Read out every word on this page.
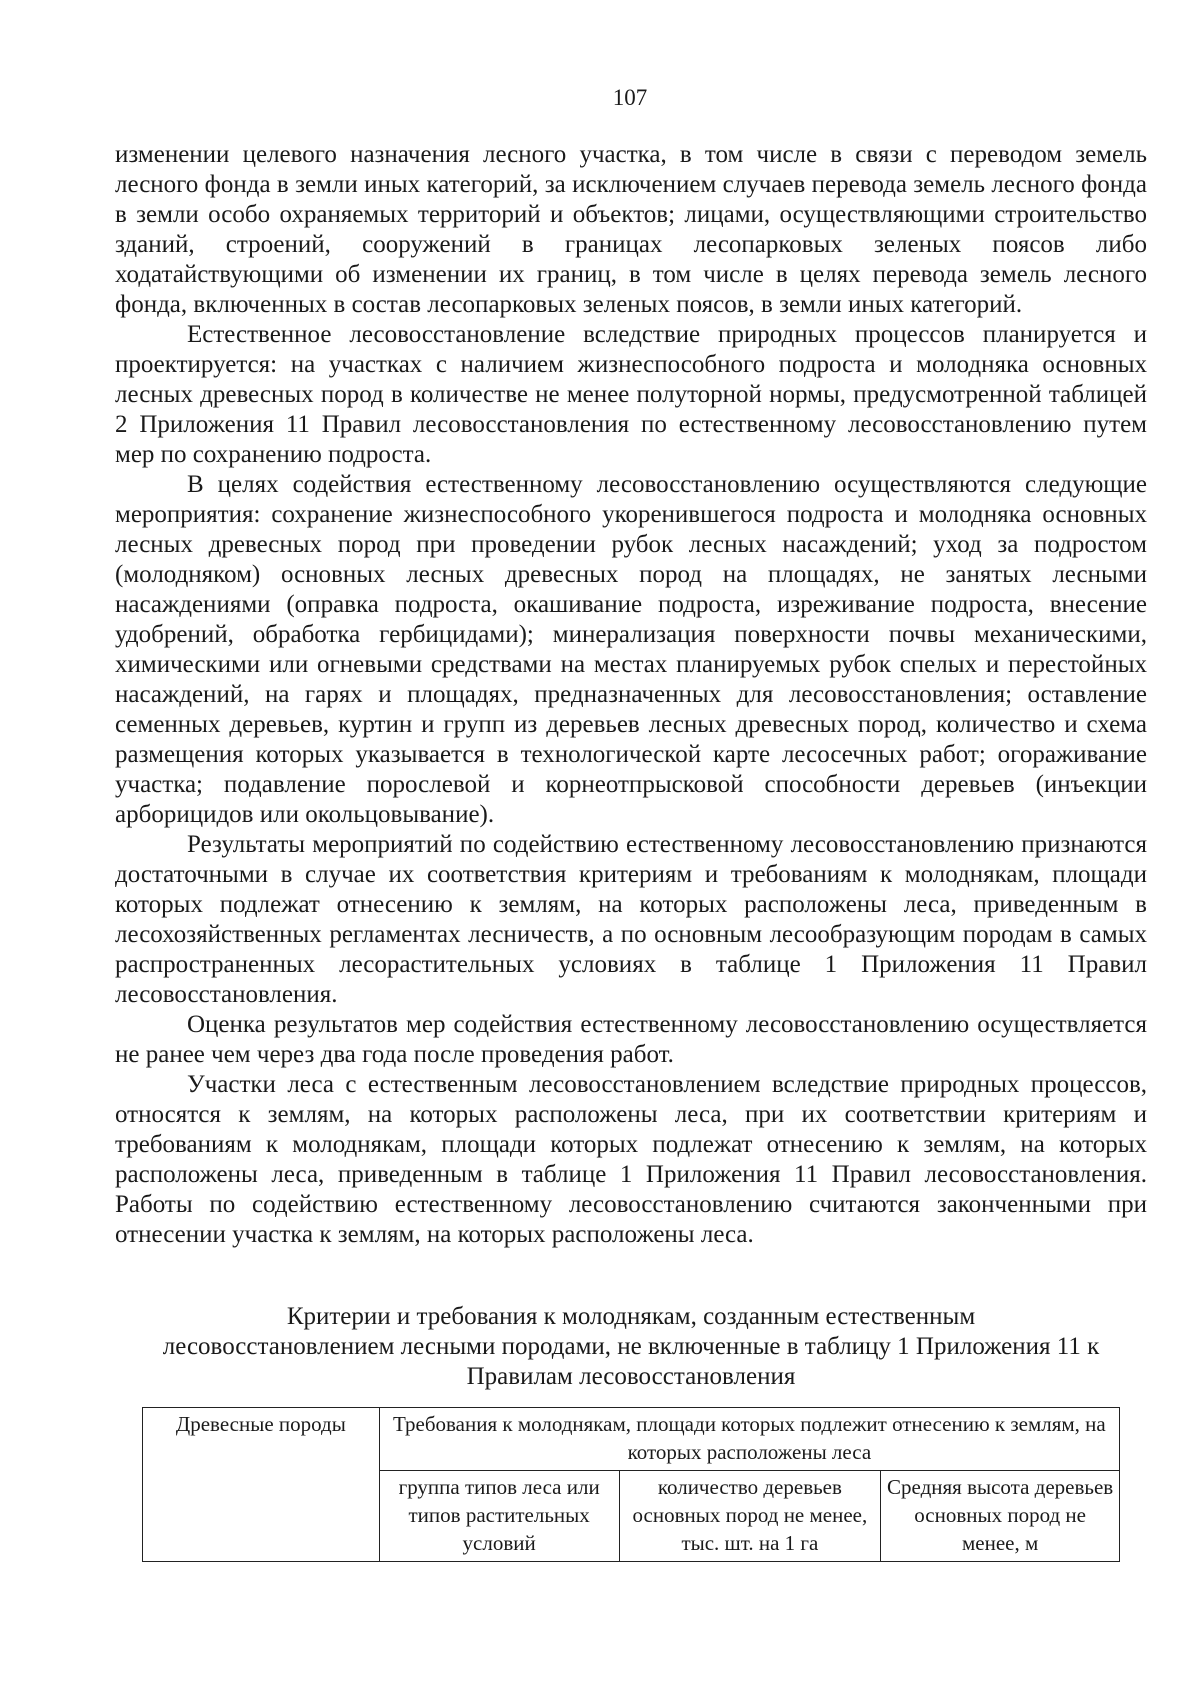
107

изменении целевого назначения лесного участка, в том числе в связи с переводом земель лесного фонда в земли иных категорий, за исключением случаев перевода земель лесного фонда в земли особо охраняемых территорий и объектов; лицами, осуществляющими строительство зданий, строений, сооружений в границах лесопарковых зеленых поясов либо ходатайствующими об изменении их границ, в том числе в целях перевода земель лесного фонда, включенных в состав лесопарковых зеленых поясов, в земли иных категорий.

Естественное лесовосстановление вследствие природных процессов планируется и проектируется: на участках с наличием жизнеспособного подроста и молодняка основных лесных древесных пород в количестве не менее полуторной нормы, предусмотренной таблицей 2 Приложения 11 Правил лесовосстановления по естественному лесовосстановлению путем мер по сохранению подроста.

В целях содействия естественному лесовосстановлению осуществляются следующие мероприятия: сохранение жизнеспособного укоренившегося подроста и молодняка основных лесных древесных пород при проведении рубок лесных насаждений; уход за подростом (молодняком) основных лесных древесных пород на площадях, не занятых лесными насаждениями (оправка подроста, окашивание подроста, изреживание подроста, внесение удобрений, обработка гербицидами); минерализация поверхности почвы механическими, химическими или огневыми средствами на местах планируемых рубок спелых и перестойных насаждений, на гарях и площадях, предназначенных для лесовосстановления; оставление семенных деревьев, куртин и групп из деревьев лесных древесных пород, количество и схема размещения которых указывается в технологической карте лесосечных работ; огораживание участка; подавление порослевой и корнеотпрысковой способности деревьев (инъекции арборицидов или окольцовывание).

Результаты мероприятий по содействию естественному лесовосстановлению признаются достаточными в случае их соответствия критериям и требованиям к молоднякам, площади которых подлежат отнесению к землям, на которых расположены леса, приведенным в лесохозяйственных регламентах лесничеств, а по основным лесообразующим породам в самых распространенных лесорастительных условиях в таблице 1 Приложения 11 Правил лесовосстановления.

Оценка результатов мер содействия естественному лесовосстановлению осуществляется не ранее чем через два года после проведения работ.

Участки леса с естественным лесовосстановлением вследствие природных процессов, относятся к землям, на которых расположены леса, при их соответствии критериям и требованиям к молоднякам, площади которых подлежат отнесению к землям, на которых расположены леса, приведенным в таблице 1 Приложения 11 Правил лесовосстановления. Работы по содействию естественному лесовосстановлению считаются законченными при отнесении участка к землям, на которых расположены леса.

Критерии и требования к молоднякам, созданным естественным
лесовосстановлением лесными породами, не включенные в таблицу 1 Приложения 11 к
Правилам лесовосстановления
Древесные породы	Требования к молоднякам, площади которых подлежит отнесению к землям, на которых расположены леса		
	группа типов леса или типов растительных условий	количество деревьев основных пород не менее, тыс. шт. на 1 га	Средняя высота деревьев основных пород не менее, м
